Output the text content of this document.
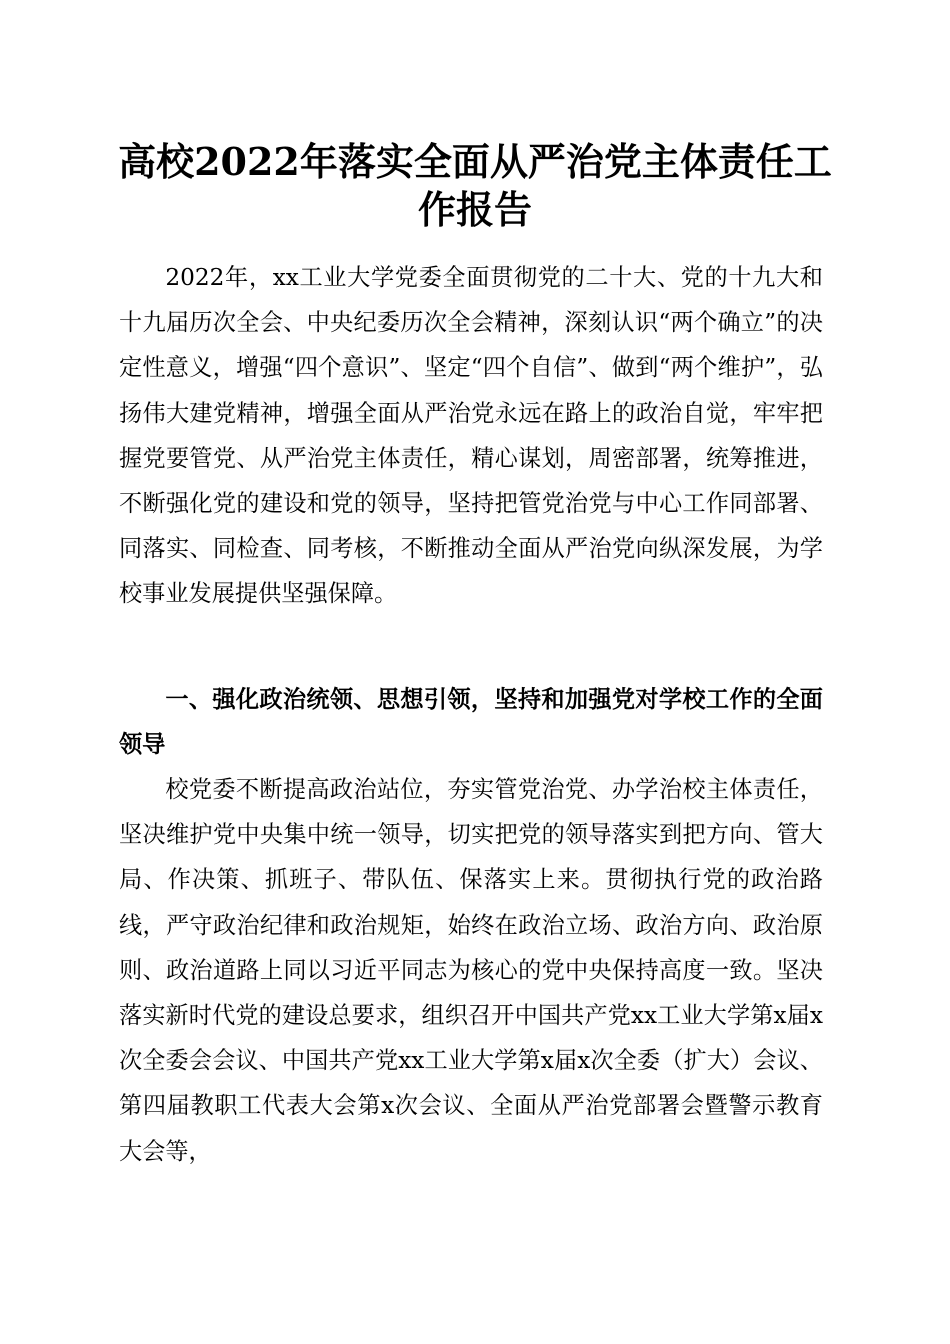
高校2022年落实全面从严治党主体责任工作报告

2022年，xx工业大学党委全面贯彻党的二十大、党的十九大和十九届历次全会、中央纪委历次全会精神，深刻认识“两个确立”的决定性意义，增强“四个意识”、坚定“四个自信”、做到“两个维护”，弘扬伟大建党精神，增强全面从严治党永远在路上的政治自觉，牢牢把握党要管党、从严治党主体责任，精心谋划，周密部署，统筹推进，不断强化党的建设和党的领导，坚持把管党治党与中心工作同部署、同落实、同检查、同考核，不断推动全面从严治党向纵深发展，为学校事业发展提供坚强保障。

一、强化政治统领、思想引领，坚持和加强党对学校工作的全面领导

校党委不断提高政治站位，夯实管党治党、办学治校主体责任，坚决维护党中央集中统一领导，切实把党的领导落实到把方向、管大局、作决策、抓班子、带队伍、保落实上来。贯彻执行党的政治路线，严守政治纪律和政治规矩，始终在政治立场、政治方向、政治原则、政治道路上同以习近平同志为核心的党中央保持高度一致。坚决落实新时代党的建设总要求，组织召开中国共产党xx工业大学第x届x次全委会会议、中国共产党xx工业大学第x届x次全委（扩大）会议、第四届教职工代表大会第x次会议、全面从严治党部署会暨警示教育大会等，
